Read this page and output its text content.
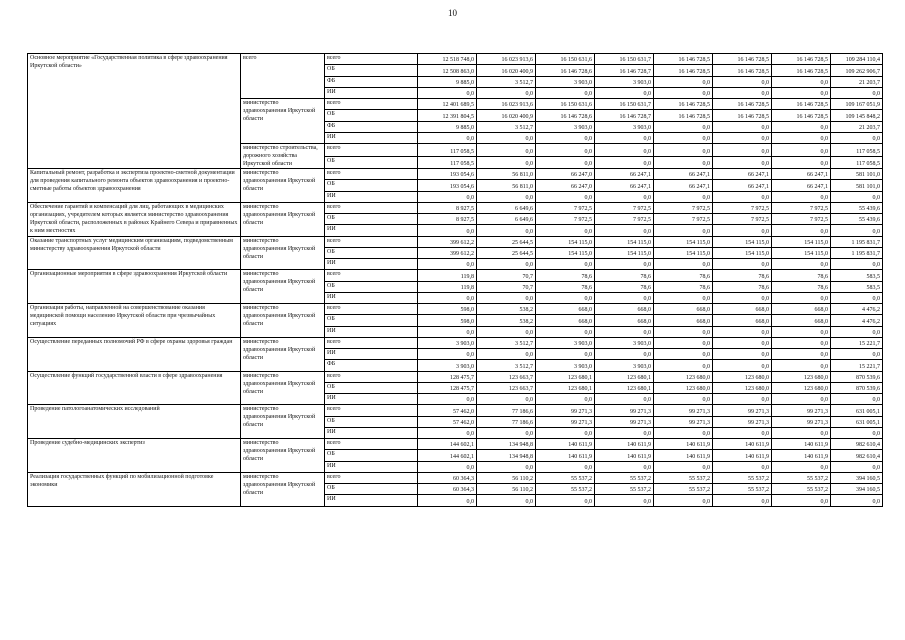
10
Основное мероприятие «Государственная политика в сфере здравоохранения Иркутской области»	всего	всего	12 518 748,0	16 023 913,6	16 150 631,6	16 150 631,7	16 146 728,5	16 146 728,5	16 146 728,5	109 284 110,4
		ОБ	12 508 863,0	16 020 400,9	16 146 728,6	16 146 728,7	16 146 728,5	16 146 728,5	16 146 728,5	109 262 906,7
		ФБ	9 885,0	3 512,7	3 903,0	3 903,0	0,0	0,0	0,0	21 203,7
		ИИ	0,0	0,0	0,0	0,0	0,0	0,0	0,0	0,0
	министерство здравоохранения Иркутской области	всего	12 401 689,5	16 023 913,6	16 150 631,6	16 150 631,7	16 146 728,5	16 146 728,5	16 146 728,5	109 167 051,9
		ОБ	12 391 804,5	16 020 400,9	16 146 728,6	16 146 728,7	16 146 728,5	16 146 728,5	16 146 728,5	109 145 848,2
		ФБ	9 885,0	3 512,7	3 903,0	3 903,0	0,0	0,0	0,0	21 203,7
		ИИ	0,0	0,0	0,0	0,0	0,0	0,0	0,0	0,0
	министерство строительства, дорожного хозяйства Иркутской области	всего	117 058,5	0,0	0,0	0,0	0,0	0,0	0,0	117 058,5
		ОБ	117 058,5	0,0	0,0	0,0	0,0	0,0	0,0	117 058,5
Капитальный ремонт, разработка и экспертиза проектно-сметной документации для проведения капитального ремонта объектов здравоохранения и проектно-сметные работы объектов здравоохранения	министерство здравоохранения Иркутской области	всего	193 054,6	56 811,0	66 247,0	66 247,1	66 247,1	66 247,1	66 247,1	581 101,0
		ОБ	193 054,6	56 811,0	66 247,0	66 247,1	66 247,1	66 247,1	66 247,1	581 101,0
		ИИ	0,0	0,0	0,0	0,0	0,0	0,0	0,0	0,0
Обеспечение гарантий и компенсаций для лиц, работающих в медицинских организациях, учредителем которых является министерство здравоохранения Иркутской области, расположенных в районах Крайнего Севера и приравненных к ним местностях	министерство здравоохранения Иркутской области	всего	8 927,5	6 649,6	7 972,5	7 972,5	7 972,5	7 972,5	7 972,5	55 439,6
		ОБ	8 927,5	6 649,6	7 972,5	7 972,5	7 972,5	7 972,5	7 972,5	55 439,6
		ИИ	0,0	0,0	0,0	0,0	0,0	0,0	0,0	0,0
Оказание транспортных услуг медицинским организациям, подведомственным министерству здравоохранения Иркутской области	министерство здравоохранения Иркутской области	всего	399 612,2	25 644,5	154 115,0	154 115,0	154 115,0	154 115,0	154 115,0	1 195 831,7
		ОБ	399 612,2	25 644,5	154 115,0	154 115,0	154 115,0	154 115,0	154 115,0	1 195 831,7
		ИИ	0,0	0,0	0,0	0,0	0,0	0,0	0,0	0,0
Организационные мероприятия в сфере здравоохранения Иркутской области	министерство здравоохранения Иркутской области	всего	119,8	70,7	78,6	78,6	78,6	78,6	78,6	583,5
		ОБ	119,8	70,7	78,6	78,6	78,6	78,6	78,6	583,5
		ИИ	0,0	0,0	0,0	0,0	0,0	0,0	0,0	0,0
Организация работы, направленной на совершенствование оказания медицинской помощи населению Иркутской области при чрезвычайных ситуациях	министерство здравоохранения Иркутской области	всего	598,0	538,2	668,0	668,0	668,0	668,0	668,0	4 476,2
		ОБ	598,0	538,2	668,0	668,0	668,0	668,0	668,0	4 476,2
		ИИ	0,0	0,0	0,0	0,0	0,0	0,0	0,0	0,0
Осуществление переданных полномочий РФ в сфере охраны здоровья граждан	министерство здравоохранения Иркутской области	всего	3 903,0	3 512,7	3 903,0	3 903,0	0,0	0,0	0,0	15 221,7
		ИИ	0,0	0,0	0,0	0,0	0,0	0,0	0,0	0,0
		ФБ	3 903,0	3 512,7	3 903,0	3 903,0	0,0	0,0	0,0	15 221,7
Осуществление функций государственной власти в сфере здравоохранения	министерство здравоохранения Иркутской области	всего	128 475,7	123 663,7	123 680,1	123 680,1	123 680,0	123 680,0	123 680,0	870 539,6
		ОБ	128 475,7	123 663,7	123 680,1	123 680,1	123 680,0	123 680,0	123 680,0	870 539,6
		ИИ	0,0	0,0	0,0	0,0	0,0	0,0	0,0	0,0
Проведение патологоанатомических исследований	министерство здравоохранения Иркутской области	всего	57 462,0	77 186,6	99 271,3	99 271,3	99 271,3	99 271,3	99 271,3	631 005,1
		ОБ	57 462,0	77 186,6	99 271,3	99 271,3	99 271,3	99 271,3	99 271,3	631 005,1
		ИИ	0,0	0,0	0,0	0,0	0,0	0,0	0,0	0,0
Проведение судебно-медицинских экспертиз	министерство здравоохранения Иркутской области	всего	144 602,1	134 948,8	140 611,9	140 611,9	140 611,9	140 611,9	140 611,9	982 610,4
		ОБ	144 602,1	134 948,8	140 611,9	140 611,9	140 611,9	140 611,9	140 611,9	982 610,4
		ИИ	0,0	0,0	0,0	0,0	0,0	0,0	0,0	0,0
Реализация государственных функций по мобилизационной подготовке экономики	министерство здравоохранения Иркутской области	всего	60 364,3	56 110,2	55 537,2	55 537,2	55 537,2	55 537,2	55 537,2	394 160,5
		ОБ	60 364,3	56 110,2	55 537,2	55 537,2	55 537,2	55 537,2	55 537,2	394 160,5
		ИИ	0,0	0,0	0,0	0,0	0,0	0,0	0,0	0,0
